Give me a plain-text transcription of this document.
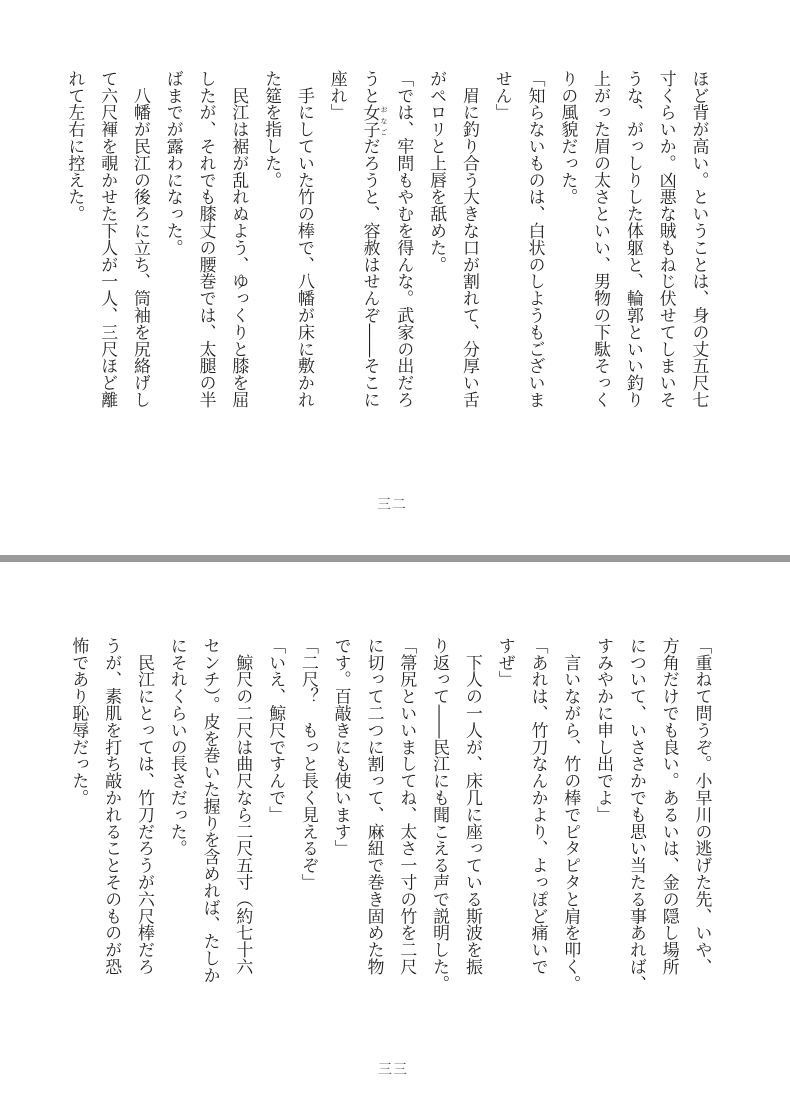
ほど背が高い。ということは、身の丈五尺七

寸くらいか。凶悪な賊もねじ伏せてしまいそ

うな、がっしりした体躯と、輪郭といい釣り

上がった眉の太さといい、男物の下駄そっく

りの風貌だった。

「知らないものは、白状のしようもございま

せん」

　眉に釣り合う大きな口が割れて、分厚い舌

がペロリと上唇を舐めた。

「では、牢問もやむを得んな。武家の出だろ

うと女子 おなごだろうと、容赦はせんぞ――そこに

座れ」

　手にしていた竹の棒で、八幡が床に敷かれ

た筵を指した。

　民江は裾が乱れぬよう、ゆっくりと膝を屈

したが、それでも膝丈の腰巻では、太腿の半

ばまでが露わになった。

　八幡が民江の後ろに立ち、筒袖を尻絡げし

て六尺褌を覗かせた下人が一人、三尺ほど離

れて左右に控えた。

三二

「重ねて問うぞ。小早川の逃げた先、いや、

方角だけでも良い。あるいは、金の隠し場所

について、いささかでも思い当たる事あれば、

すみやかに申し出でよ」

　言いながら、竹の棒でピタピタと肩を叩く。

「あれは、竹刀なんかより、よっぽど痛いで

すぜ」

　下人の一人が、床几に座っている斯波を振

り返って――民江にも聞こえる声で説明した。

「箒尻といいましてね、太さ一寸の竹を二尺

に切って二つに割って、麻紐で巻き固めた物

です。百敲きにも使います」

「二尺？　もっと長く見えるぞ」

「いえ、鯨尺ですんで」

　鯨尺の二尺は曲尺なら二尺五寸（約七十六

センチ）。皮を巻いた握りを含めれば、たしか

にそれくらいの長さだった。

　民江にとっては、竹刀だろうが六尺棒だろ

うが、素肌を打ち敲かれることそのものが恐

怖であり恥辱だった。

三三
